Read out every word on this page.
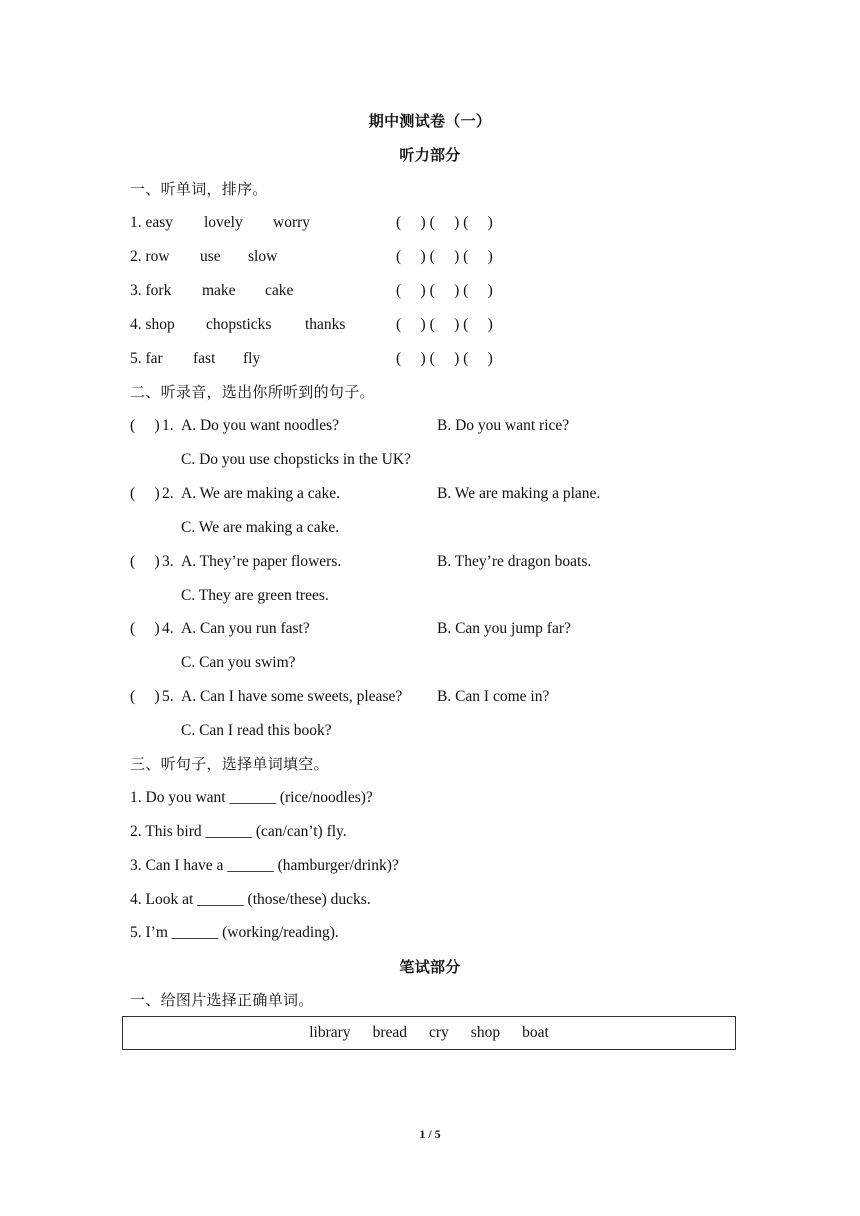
期中测试卷（一）
听力部分
一、听单词，排序。
1. easy lovely worry	(     ) (     ) (     )
2. row use slow	(     ) (     ) (     )
3. fork make cake	(     ) (     ) (     )
4. shop chopsticks thanks	(     ) (     ) (     )
5. far fast fly	(     ) (     ) (     )
二、听录音，选出你所听到的句子。
(     ) 1. A. Do you want noodles?	B. Do you want rice?
C. Do you use chopsticks in the UK?
(     ) 2. A. We are making a cake.	B. We are making a plane.
C. We are making a cake.
(     ) 3. A. They’re paper flowers.	B. They’re dragon boats.
C. They are green trees.
(     ) 4. A. Can you run fast?	B. Can you jump far?
C. Can you swim?
(     ) 5. A. Can I have some sweets, please? B. Can I come in?
C. Can I read this book?
三、听句子，选择单词填空。
1. Do you want ______ (rice/noodles)?
2. This bird ______ (can/can’t) fly.
3. Can I have a ______ (hamburger/drink)?
4. Look at ______ (those/these) ducks.
5. I’m ______ (working/reading).
笔试部分
一、给图片选择正确单词。
library bread cry shop boat
1 / 5
